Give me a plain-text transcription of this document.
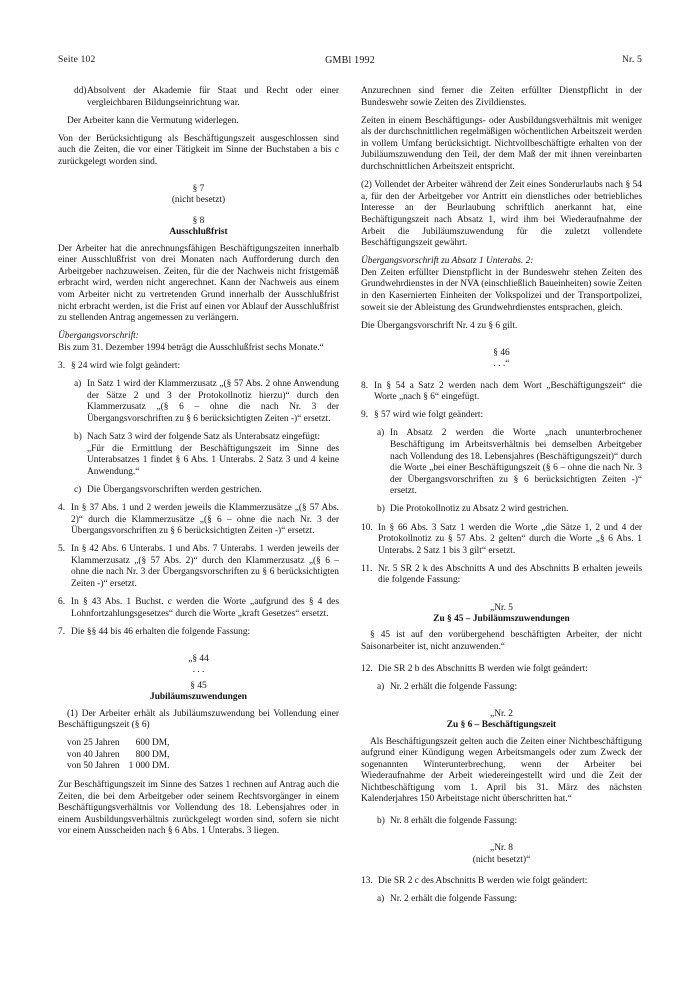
Seite 102	GMBl 1992	Nr. 5
dd) Absolvent der Akademie für Staat und Recht oder einer vergleichbaren Bildungseinrichtung war.

Der Arbeiter kann die Vermutung widerlegen.

Von der Berücksichtigung als Beschäftigungszeit ausgeschlossen sind auch die Zeiten, die vor einer Tätigkeit im Sinne der Buchstaben a bis c zurückgelegt worden sind.

§ 7

(nicht besetzt)

§ 8

Ausschlußfrist

Der Arbeiter hat die anrechnungsfähigen Beschäftigungszeiten innerhalb einer Ausschlußfrist von drei Monaten nach Aufforderung durch den Arbeitgeber nachzuweisen. Zeiten, für die der Nachweis nicht fristgemäß erbracht wird, werden nicht angerechnet. Kann der Nachweis aus einem vom Arbeiter nicht zu vertretenden Grund innerhalb der Ausschlußfrist nicht erbracht werden, ist die Frist auf einen vor Ablauf der Ausschlußfrist zu stellenden Antrag angemessen zu verlängern.

Übergangsvorschrift:

Bis zum 31. Dezember 1994 beträgt die Ausschlußfrist sechs Monate.“

3. § 24 wird wie folgt geändert:
a) In Satz 1 wird der Klammerzusatz „(§ 57 Abs. 2 ohne Anwendung der Sätze 2 und 3 der Protokollnotiz hierzu)“ durch den Klammerzusatz „(§ 6 – ohne die nach Nr. 3 der Übergangsvorschriften zu § 6 berücksichtigten Zeiten -)“ ersetzt.
b) Nach Satz 3 wird der folgende Satz als Unterabsatz eingefügt:

„Für die Ermittlung der Beschäftigungszeit im Sinne des Unterabsatzes 1 findet § 6 Abs. 1 Unterabs. 2 Satz 3 und 4 keine Anwendung.“

c) Die Übergangsvorschriften werden gestrichen.
4. In § 37 Abs. 1 und 2 werden jeweils die Klammerzusätze „(§ 57 Abs. 2)“ durch die Klammerzusätze „(§ 6 – ohne die nach Nr. 3 der Übergangsvorschriften zu § 6 berücksichtigten Zeiten -)“ ersetzt.
5. In § 42 Abs. 6 Unterabs. 1 und Abs. 7 Unterabs. 1 werden jeweils der Klammerzusatz „(§ 57 Abs. 2)“ durch den Klammerzusatz „(§ 6 – ohne die nach Nr. 3 der Übergangsvorschriften zu § 6 berücksichtigten Zeiten -)“ ersetzt.
6. In § 43 Abs. 1 Buchst. c werden die Worte „aufgrund des § 4 des Lohnfortzahlungsgesetzes“ durch die Worte „kraft Gesetzes“ ersetzt.
7. Die §§ 44 bis 46 erhalten die folgende Fassung:

„§ 44

. . .

§ 45

Jubiläumszuwendungen

(1) Der Arbeiter erhält als Jubiläumszuwendung bei Vollendung einer Beschäftigungszeit (§ 6)

von 25 Jahren	600 DM,
von 40 Jahren	800 DM,
von 50 Jahren	1 000 DM.

Zur Beschäftigungszeit im Sinne des Satzes 1 rechnen auf Antrag auch die Zeiten, die bei dem Arbeitgeber oder seinem Rechtsvorgänger in einem Beschäftigungsverhältnis vor Vollendung des 18. Lebensjahres oder in einem Ausbildungsverhältnis zurückgelegt worden sind, sofern sie nicht vor einem Ausscheiden nach § 6 Abs. 1 Unterabs. 3 liegen.

Anzurechnen sind ferner die Zeiten erfüllter Dienstpflicht in der Bundeswehr sowie Zeiten des Zivildienstes.

Zeiten in einem Beschäftigungs- oder Ausbildungsverhältnis mit weniger als der durchschnittlichen regelmäßigen wöchentlichen Arbeitszeit werden in vollem Umfang berücksichtigt. Nichtvollbeschäftigte erhalten von der Jubiläumszuwendung den Teil, der dem Maß der mit ihnen vereinbarten durchschnittlichen Arbeitszeit entspricht.

(2) Vollendet der Arbeiter während der Zeit eines Sonderurlaubs nach § 54 a, für den der Arbeitgeber vor Antritt ein dienstliches oder betriebliches Interesse an der Beurlaubung schriftlich anerkannt hat, eine Bechäftigungszeit nach Absatz 1, wird ihm bei Wiederaufnahme der Arbeit die Jubiläumszuwendung für die zuletzt vollendete Beschäftigungszeit gewährt.

Übergangsvorschrift zu Absatz 1 Unterabs. 2:

Den Zeiten erfüllter Dienstpflicht in der Bundeswehr stehen Zeiten des Grundwehrdienstes in der NVA (einschließlich Baueinheiten) sowie Zeiten in den Kasernierten Einheiten der Volkspolizei und der Transportpolizei, soweit sie der Ableistung des Grundwehrdienstes entsprachen, gleich.

Die Übergangsvorschrift Nr. 4 zu § 6 gilt.

§ 46

. . .“

8. In § 54 a Satz 2 werden nach dem Wort „Beschäftigungszeit“ die Worte „nach § 6“ eingefügt.
9. § 57 wird wie folgt geändert:
a) In Absatz 2 werden die Worte „nach ununterbrochener Beschäftigung im Arbeitsverhältnis bei demselben Arbeitgeber nach Vollendung des 18. Lebensjahres (Beschäftigungszeit)“ durch die Worte „bei einer Beschäftigungszeit (§ 6 – ohne die nach Nr. 3 der Übergangsvorschriften zu § 6 berücksichtigten Zeiten -)“ ersetzt.
b) Die Protokollnotiz zu Absatz 2 wird gestrichen.
10. In § 66 Abs. 3 Satz 1 werden die Worte „die Sätze 1, 2 und 4 der Protokollnotiz zu § 57 Abs. 2 gelten“ durch die Worte „§ 6 Abs. 1 Unterabs. 2 Satz 1 bis 3 gilt“ ersetzt.
11. Nr. 5 SR 2 k des Abschnitts A und des Abschnitts B erhalten jeweils die folgende Fassung:

„Nr. 5

Zu § 45 – Jubiläumszuwendungen

§ 45 ist auf den vorübergehend beschäftigten Arbeiter, der nicht Saisonarbeiter ist, nicht anzuwenden.“

12. Die SR 2 b des Abschnitts B werden wie folgt geändert:
a) Nr. 2 erhält die folgende Fassung:

„Nr. 2

Zu § 6 – Beschäftigungszeit

Als Beschäftigungszeit gelten auch die Zeiten einer Nichtbeschäftigung aufgrund einer Kündigung wegen Arbeitsmangels oder zum Zweck der sogenannten Winterunterbrechung, wenn der Arbeiter bei Wiederaufnahme der Arbeit wiedereingestellt wird und die Zeit der Nichtbeschäftigung vom 1. April bis 31. März des nächsten Kalenderjahres 150 Arbeitstage nicht überschritten hat.“

b) Nr. 8 erhält die folgende Fassung:

„Nr. 8

(nicht besetzt)“

13. Die SR 2 c des Abschnitts B werden wie folgt geändert:
a) Nr. 2 erhält die folgende Fassung:
